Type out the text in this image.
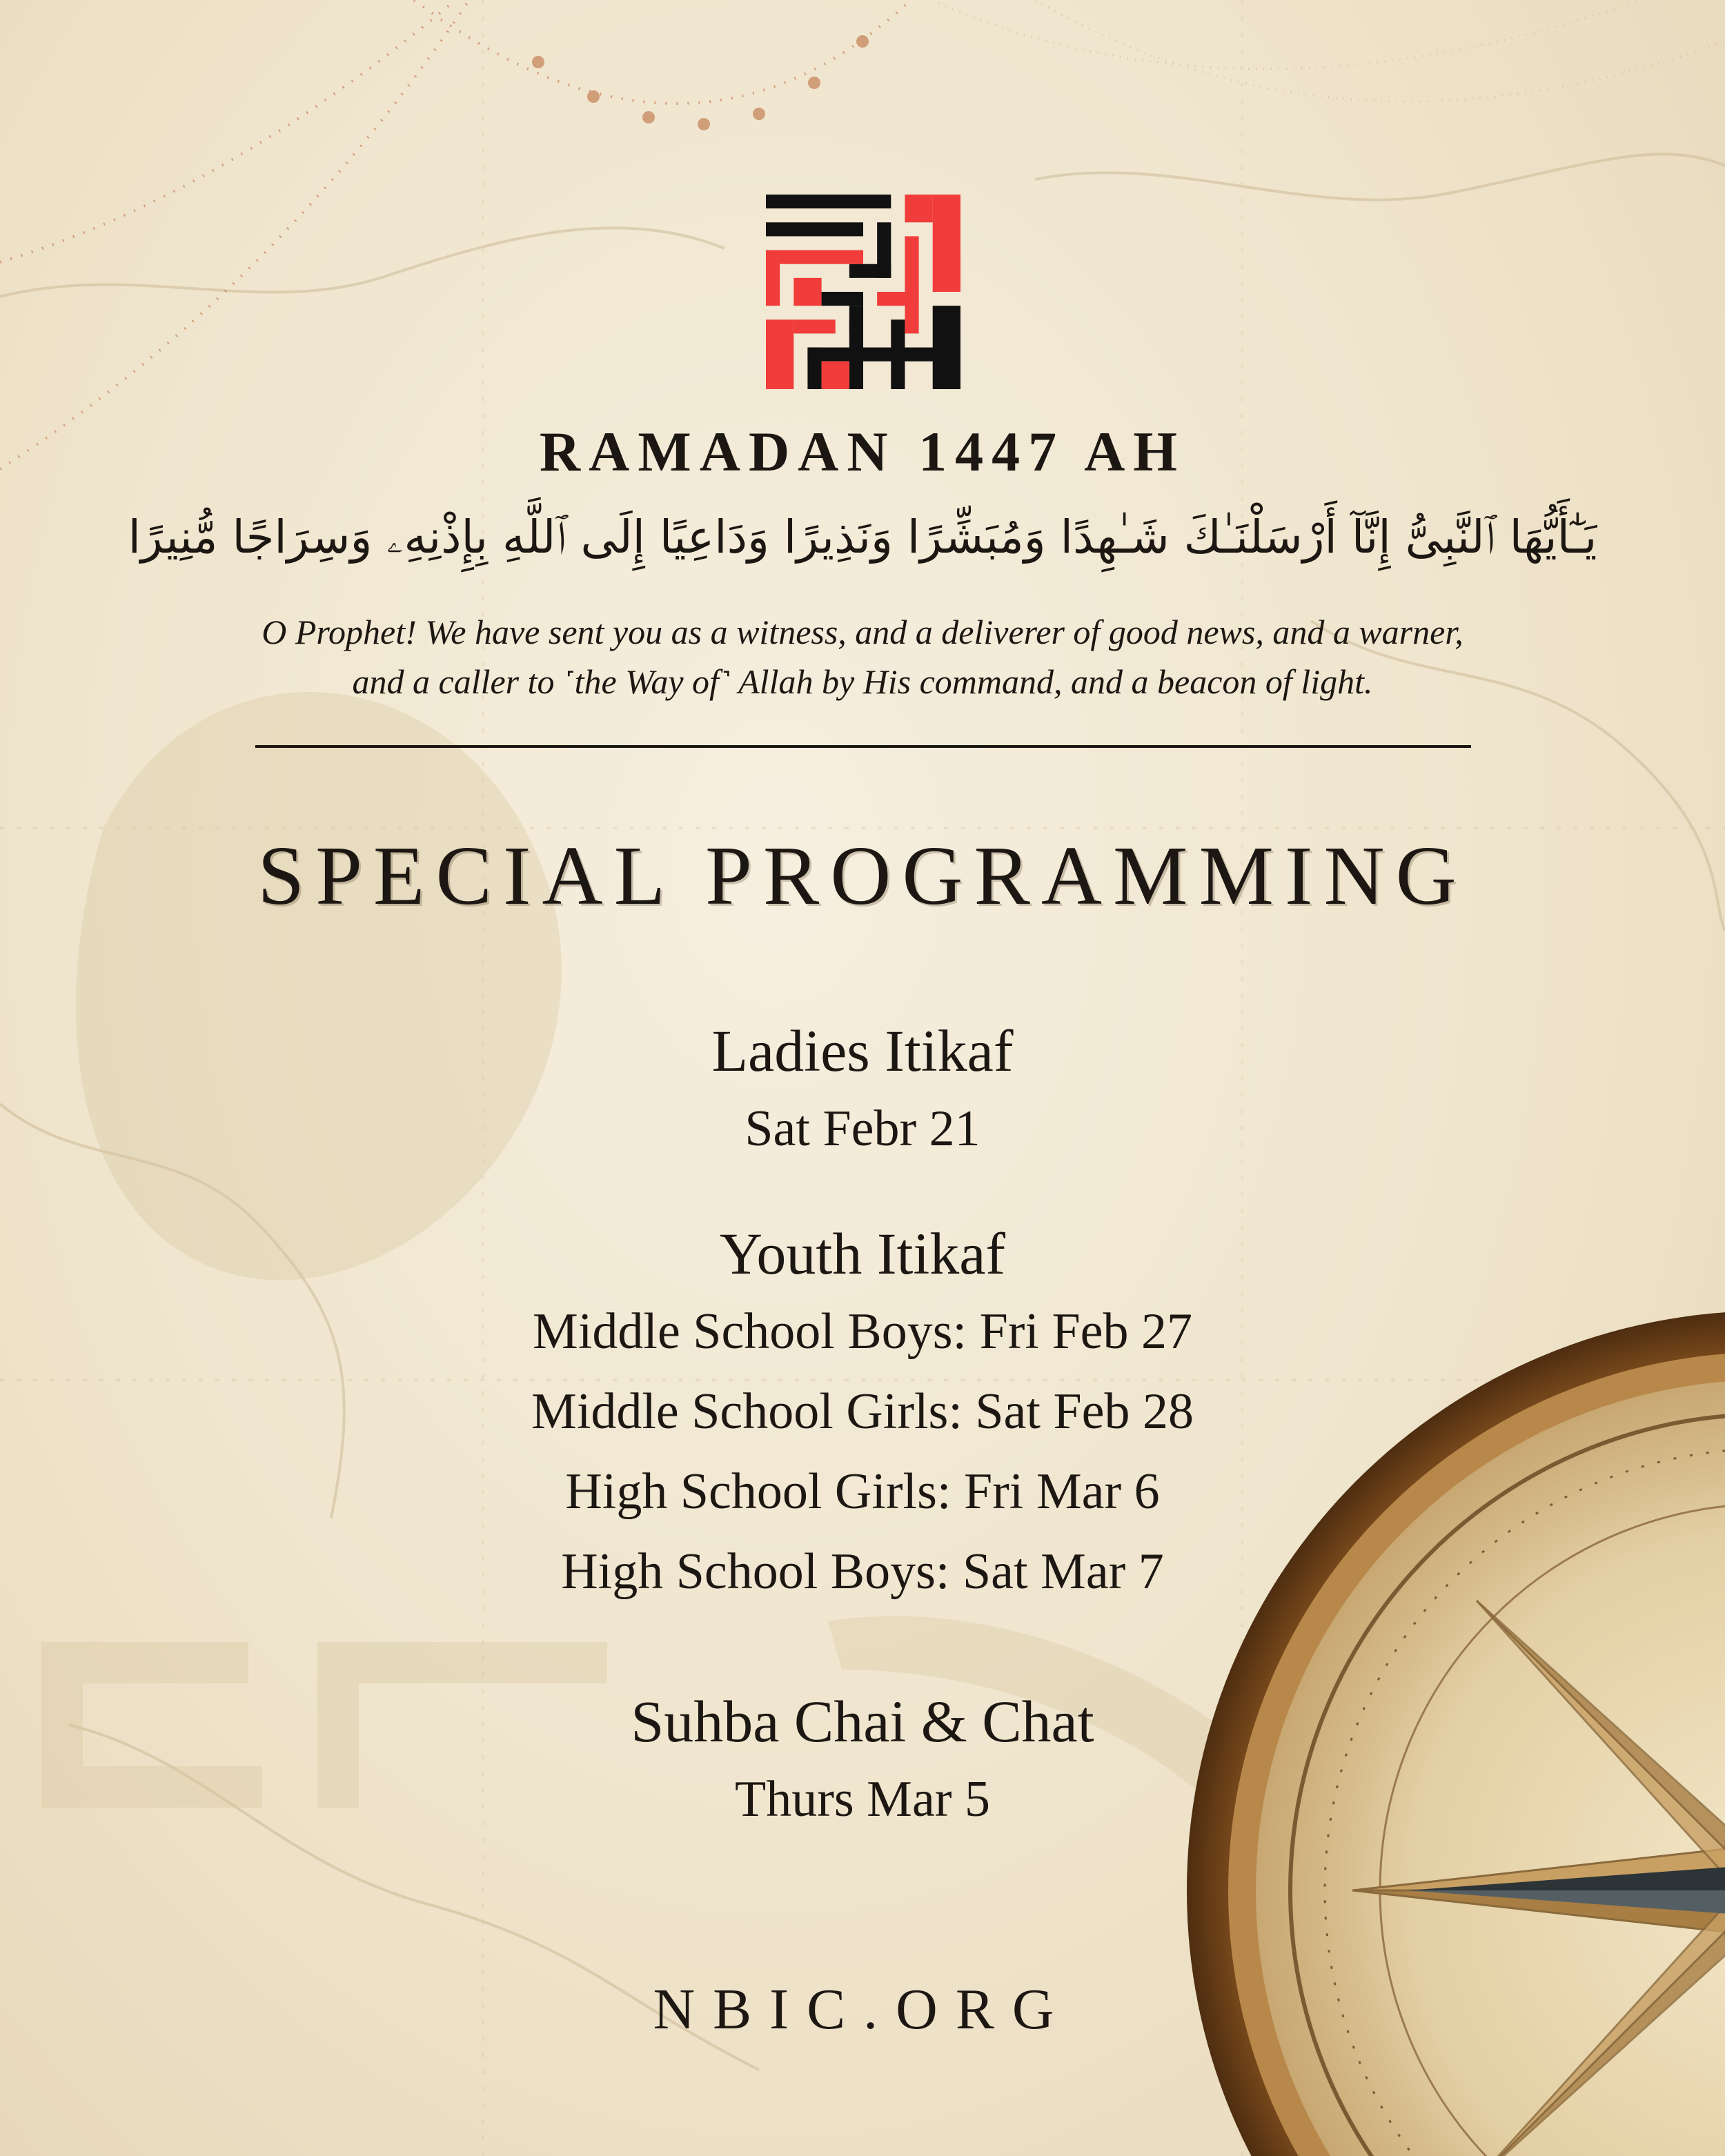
RAMADAN 1447 AH
يَـٰٓأَيُّهَا ٱلنَّبِىُّ إِنَّآ أَرْسَلْنَـٰكَ شَـٰهِدًا وَمُبَشِّرًا وَنَذِيرًا وَدَاعِيًا إِلَى ٱللَّهِ بِإِذْنِهِۦ وَسِرَاجًا مُّنِيرًا
O Prophet! We have sent you as a witness, and a deliverer of good news, and a warner,
and a caller to ˹the Way of˺ Allah by His command, and a beacon of light.
SPECIAL PROGRAMMING
Ladies Itikaf
Sat Febr 21
Youth Itikaf
Middle School Boys: Fri Feb 27
Middle School Girls: Sat Feb 28
High School Girls: Fri Mar 6
High School Boys: Sat Mar 7
Suhba Chai & Chat
Thurs Mar 5
NBIC.ORG
